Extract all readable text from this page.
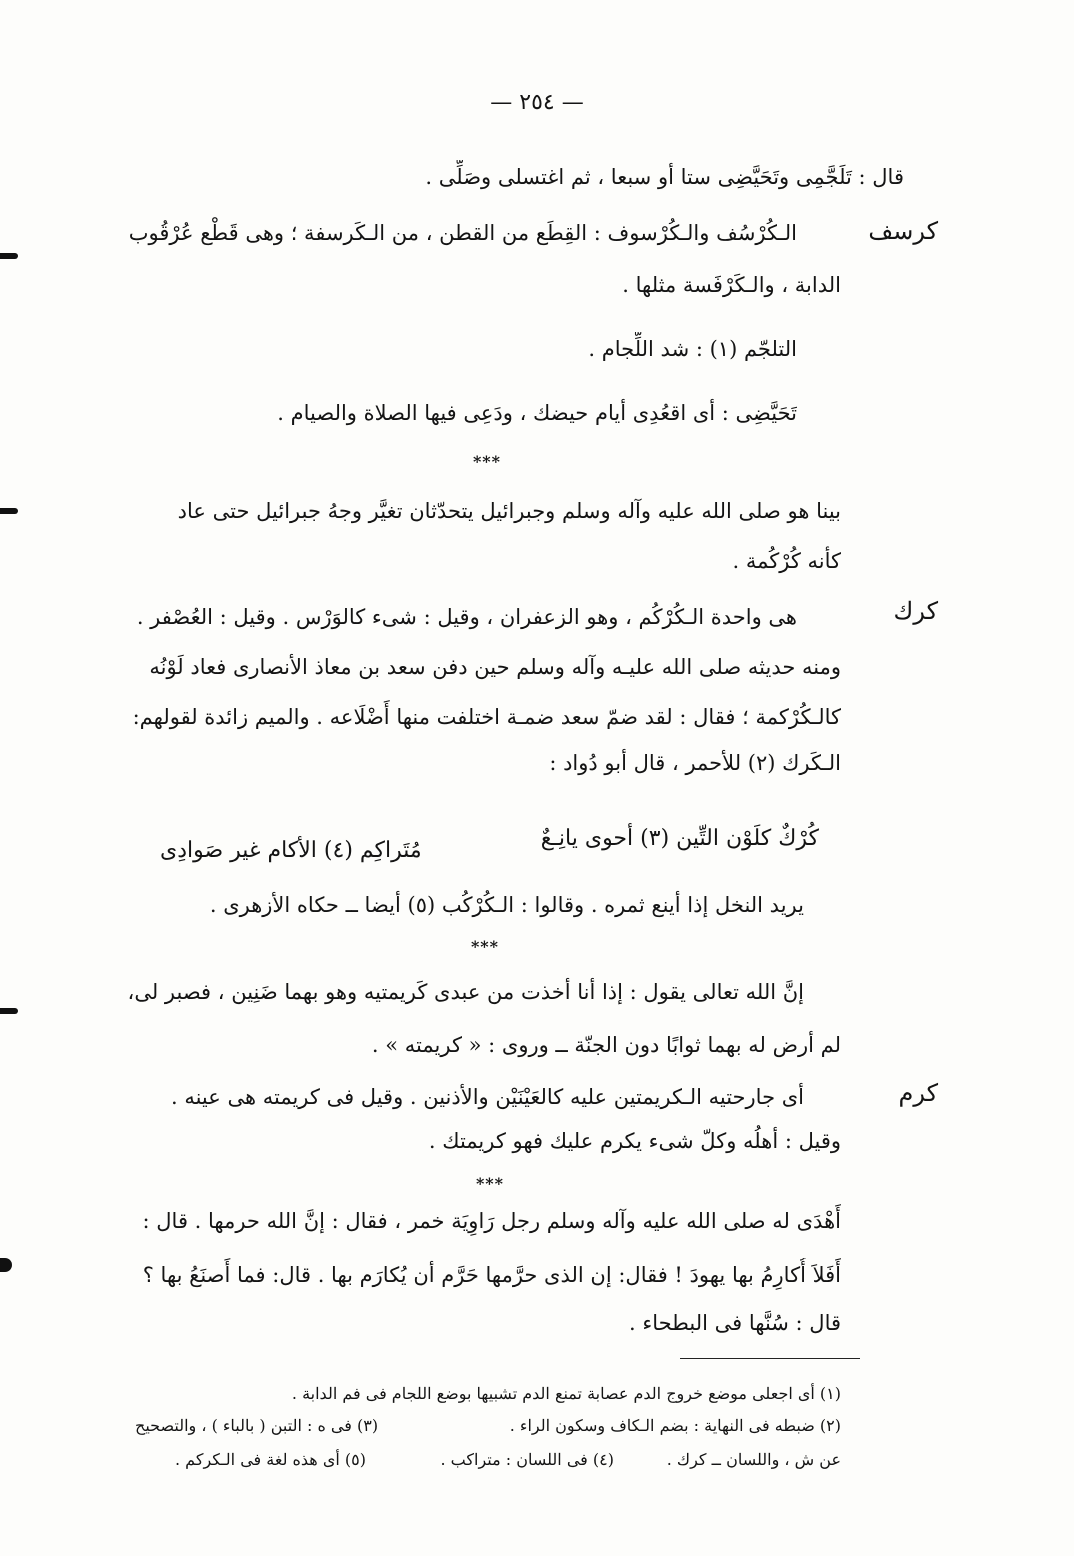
— ٢٥٤ —
قال : تَلَجَّمِى وتَحَيَّضِى ستا أو سبعا ، ثم اغتسلى وصَلِّى .
كرسف
الـكُرْسُف والـكُرْسوف : القِطَع من القطن ، من الـكَرسفة ؛ وهى قَطْع عُرْقُوب
الدابة ، والـكَرْفَسة مثلها .
التلجّم (١) : شد اللِّجام .
تَحَيَّضِى : أى اقعُدِى أيام حيضك ، ودَعِى فيها الصلاة والصيام .
***
بينا هو صلى الله عليه وآله وسلم وجبرائيل يتحدّثان تغيَّر وجهُ جبرائيل حتى عاد
كأنه كُرْكُمة .
كرك
هى واحدة الـكُرْكُم ، وهو الزعفران ، وقيل : شىء كالوَرْس . وقيل : العُصْفر .
ومنه حديثه صلى الله عليـه وآله وسلم حين دفن سعد بن معاذ الأنصارى فعاد لَوْنُه
كالـكُرْكمة ؛ فقال : لقد ضمّ سعد ضمـة اختلفت منها أَضْلَاعه . والميم زائدة لقولهم:
الـكَرك (٢) للأحمر ، قال أبو دُواد :
كُرْكٌ كلَوْن التِّين (٣) أحوى يانِـعٌ
مُتَراكِم (٤) الأكام غير صَوادِى
يريد النخل إذا أينع ثمره . وقالوا : الـكُرْكُب (٥) أيضا ــ حكاه الأزهرى .
***
إنَّ الله تعالى يقول : إذا أنا أخذت من عبدى كَريمتيه وهو بهما ضَنِين ، فصبر لى،
لم أرض له بهما ثوابًا دون الجنّة ــ وروى : « كريمته » .
كرم
أى جارحتيه الـكريمتين عليه كالعَيْنَيْن والأذنين . وقيل فى كريمته هى عينه .
وقيل : أهلُه وكلّ شىء يكرم عليك فهو كريمتك .
***
أَهْدَى له صلى الله عليه وآله وسلم رجل رَاوِيَة خمر ، فقال : إنَّ الله حرمها . قال :
أَفَلاَ أُكارِمُ بها يهودَ ! فقال: إن الذى حرَّمها حَرَّم أن يُكارَم بها . قال: فما أَصنَعُ بها ؟
قال : سُنَّها فى البطحاء .
(١) أى اجعلى موضع خروج الدم عصابة تمنع الدم تشبيها بوضع اللجام فى فم الدابة .
(٢) ضبطه فى النهاية : بضم الـكاف وسكون الراء .
(٣) فى ه : التبن ( بالباء ) ، والتصحيح
عن ش ، واللسان ــ كرك .
(٤) فى اللسان : متراكب .
(٥) أى هذه لغة فى الـكركم .
